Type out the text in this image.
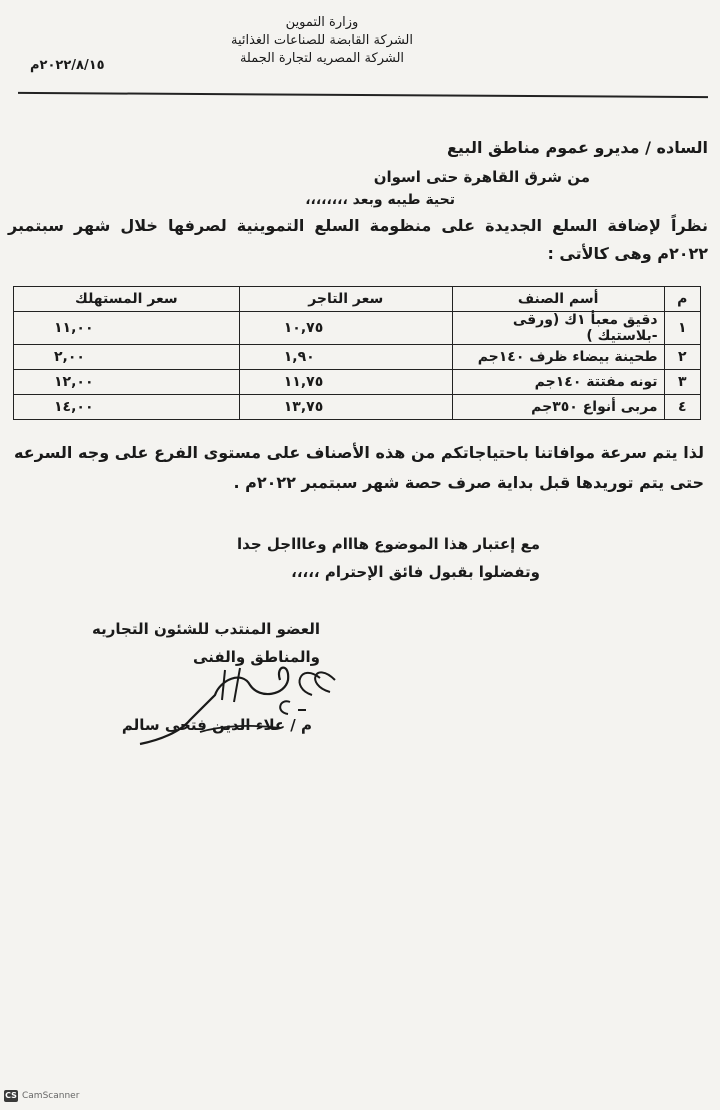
وزارة التموين
الشركة القابضة للصناعات الغذائية
الشركة المصريه لتجارة الجملة
٢٠٢٢/٨/١٥م
الساده / مديرو عموم مناطق البيع
من شرق القاهرة حتى اسوان
تحية طيبه وبعد ،،،،،،،،
نظراً لإضافة السلع الجديدة على منظومة السلع التموينية لصرفها خلال شهر سبتمبر ٢٠٢٢م وهى كالأتى :
م	أسم الصنف	سعر التاجر	سعر المستهلك
١	دقيق معبأ ١ك (ورقى -بلاستيك )	١٠,٧٥	١١,٠٠
٢	طحينة بيضاء ظرف ١٤٠جم	١,٩٠	٢,٠٠
٣	تونه مفتتة ١٤٠جم	١١,٧٥	١٢,٠٠
٤	مربى أنواع ٣٥٠جم	١٣,٧٥	١٤,٠٠
لذا يتم سرعة موافاتنا باحتياجاتكم من هذه الأصناف على مستوى الفرع على وجه السرعه حتى يتم توريدها قبل بداية صرف حصة شهر سبتمبر ٢٠٢٢م .
مع إعتبار هذا الموضوع هااام وعاااجل جدا
وتفضلوا بقبول فائق الإحترام ،،،،،
العضو المنتدب للشئون التجاريه
والمناطق والفنى
م / علاء الدين فتحى سالم
CS CamScanner
